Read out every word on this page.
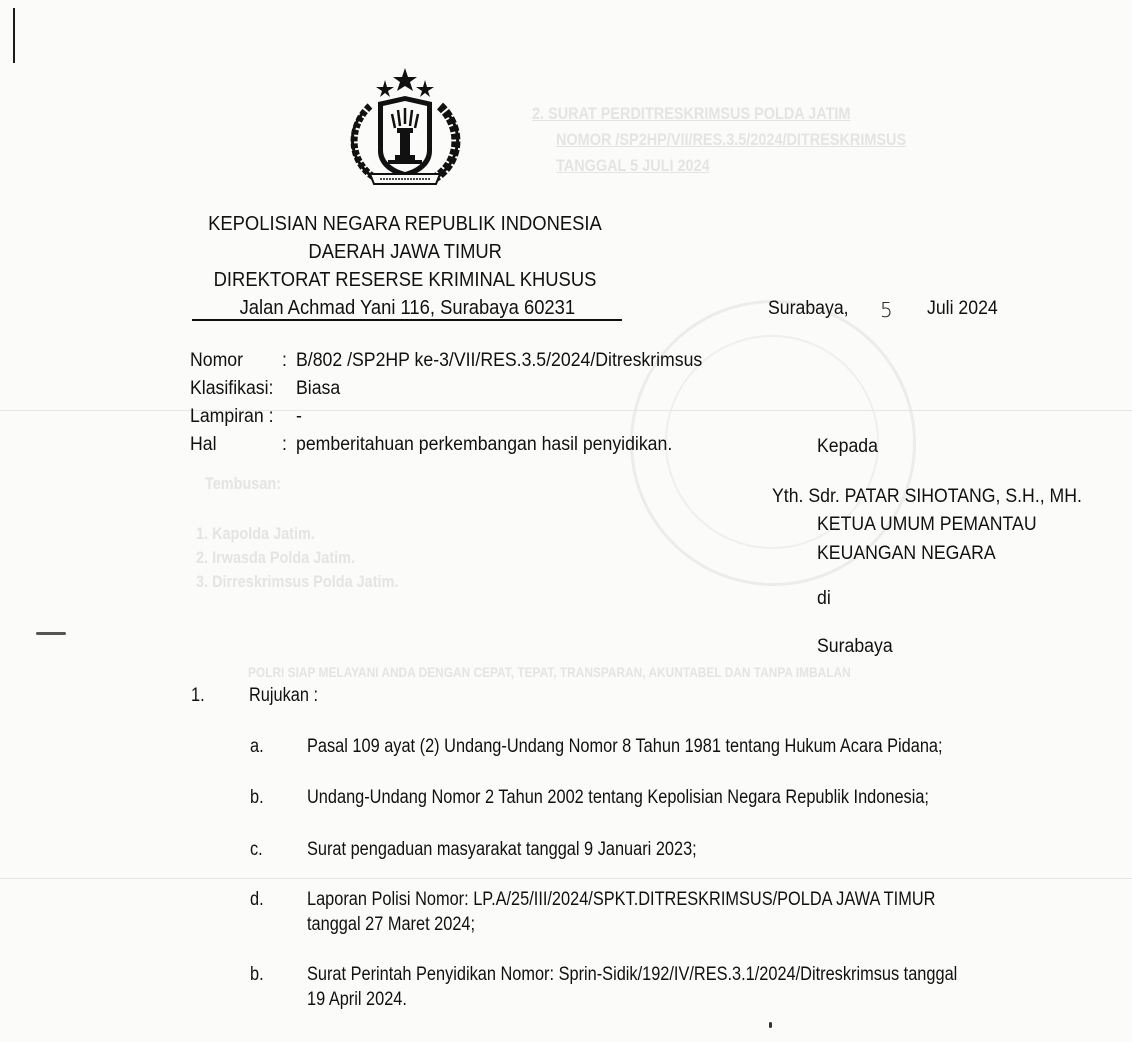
2. SURAT PERDITRESKRIMSUS POLDA JATIM
NOMOR /SP2HP/VII/RES.3.5/2024/DITRESKRIMSUS
TANGGAL 5 JULI 2024
Tembusan:
1. Kapolda Jatim.
2. Irwasda Polda Jatim.
3. Dirreskrimsus Polda Jatim.
POLRI SIAP MELAYANI ANDA DENGAN CEPAT, TEPAT, TRANSPARAN, AKUNTABEL DAN TANPA IMBALAN
KEPOLISIAN NEGARA REPUBLIK INDONESIA
DAERAH JAWA TIMUR
DIREKTORAT RESERSE KRIMINAL KHUSUS
Jalan Achmad Yani 116, Surabaya 60231	Surabaya, 5 Juli 2024
Nomor : B/802 /SP2HP ke-3/VII/RES.3.5/2024/Ditreskrimsus
Klasifikasi: Biasa
Lampiran : -
Hal	: pemberitahuan perkembangan hasil penyidikan.	Kepada
Yth. Sdr. PATAR SIHOTANG, S.H., MH.
KETUA UMUM PEMANTAU
KEUANGAN NEGARA
di
Surabaya
1. Rujukan :
a. Pasal 109 ayat (2) Undang-Undang Nomor 8 Tahun 1981 tentang Hukum Acara Pidana;
b. Undang-Undang Nomor 2 Tahun 2002 tentang Kepolisian Negara Republik Indonesia;
c. Surat pengaduan masyarakat tanggal 9 Januari 2023;
d. Laporan Polisi Nomor: LP.A/25/III/2024/SPKT.DITRESKRIMSUS/POLDA JAWA TIMUR
tanggal 27 Maret 2024;
b. Surat Perintah Penyidikan Nomor: Sprin-Sidik/192/IV/RES.3.1/2024/Ditreskrimsus tanggal
19 April 2024.
